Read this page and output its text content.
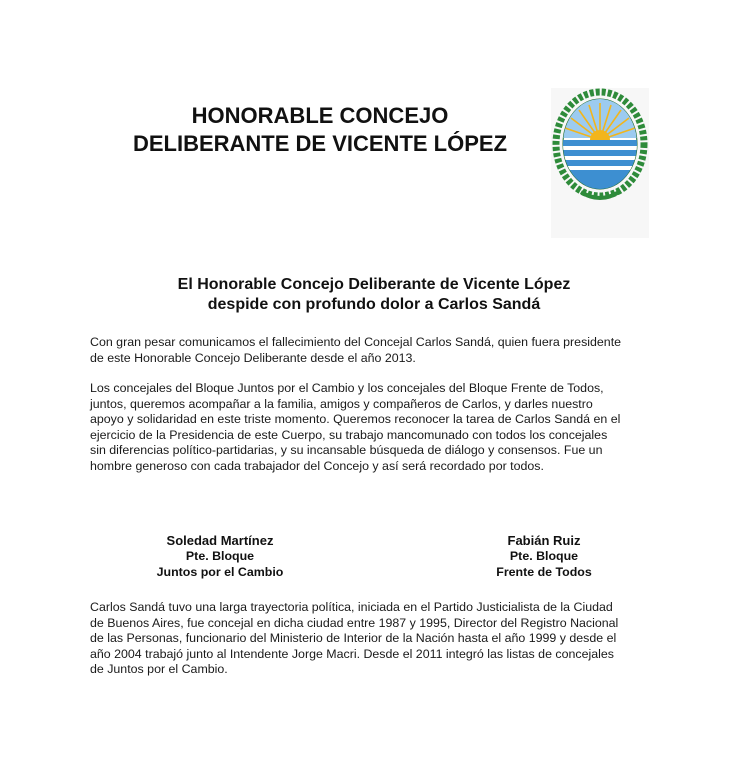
HONORABLE CONCEJO
DELIBERANTE DE VICENTE LÓPEZ
El Honorable Concejo Deliberante de Vicente López
despide con profundo dolor a Carlos Sandá
Con gran pesar comunicamos el fallecimiento del Concejal Carlos Sandá, quien fuera presidente
de este Honorable Concejo Deliberante desde el año 2013.
Los concejales del Bloque Juntos por el Cambio y los concejales del Bloque Frente de Todos,
juntos, queremos acompañar a la familia, amigos y compañeros de Carlos, y darles nuestro
apoyo y solidaridad en este triste momento. Queremos reconocer la tarea de Carlos Sandá en el
ejercicio de la Presidencia de este Cuerpo, su trabajo mancomunado con todos los concejales
sin diferencias político-partidarias, y su incansable búsqueda de diálogo y consensos. Fue un
hombre generoso con cada trabajador del Concejo y así será recordado por todos.
Soledad Martínez
Pte. Bloque
Juntos por el Cambio
Fabián Ruiz
Pte. Bloque
Frente de Todos
Carlos Sandá tuvo una larga trayectoria política, iniciada en el Partido Justicialista de la Ciudad
de Buenos Aires, fue concejal en dicha ciudad entre 1987 y 1995, Director del Registro Nacional
de las Personas, funcionario del Ministerio de Interior de la Nación hasta el año 1999 y desde el
año 2004 trabajó junto al Intendente Jorge Macri. Desde el 2011 integró las listas de concejales
de Juntos por el Cambio.
